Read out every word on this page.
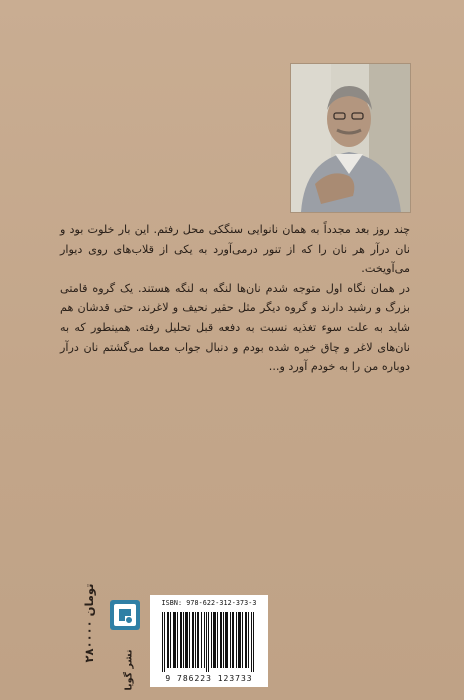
چند روز بعد مجدداً به همان نانوایی سنگکی محل رفتم. این بار خلوت بود و نان درآر هر نان را که از تنور درمی‌آورد به یکی از قلاب‌های روی دیوار می‌آویخت.

در همان نگاه اول متوجه شدم نان‌ها لنگه به لنگه هستند. یک گروه قامتی بزرگ و رشید دارند و گروه دیگر مثل حقیر نحیف و لاغرند، حتی قدشان هم شاید به علت سوء تغذیه نسبت به دفعه قبل تحلیل رفته. همینطور که به نان‌های لاغر و چاق خیره شده بودم و دنبال جواب معما می‌گشتم نان درآر دوباره من را به خودم آورد و...

۲۸۰۰۰۰ تومان
نشر گویا
ISBN: 978-622-312-373-3
9 786223 123733
